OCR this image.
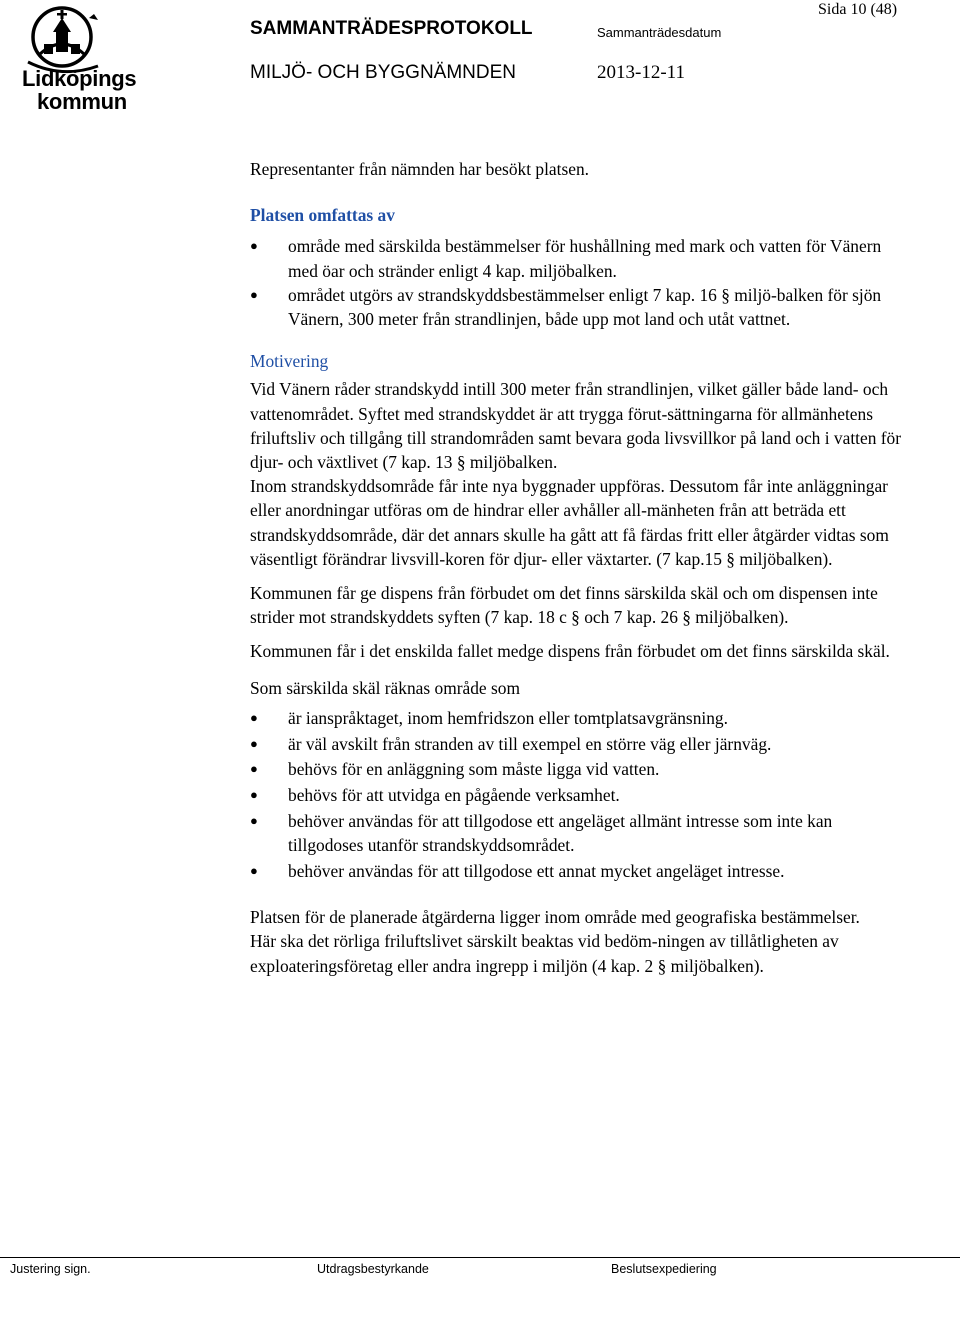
Lidköpings
kommun
SAMMANTRÄDESPROTOKOLL	Sammanträdesdatum
MILJÖ- OCH BYGGNÄMNDEN	2013-12-11
Sida 10 (48)

Representanter från nämnden har besökt platsen.

Platsen omfattas av

● område med särskilda bestämmelser för hushållning med mark och vatten för Vänern med öar och stränder enligt 4 kap. miljöbalken.
● området utgörs av strandskyddsbestämmelser enligt 7 kap. 16 § miljö-balken för sjön Vänern, 300 meter från strandlinjen, både upp mot land och utåt vattnet.

Motivering

Vid Vänern råder strandskydd intill 300 meter från strandlinjen, vilket gäller både land- och vattenområdet. Syftet med strandskyddet är att trygga förut-sättningarna för allmänhetens friluftsliv och tillgång till strandområden samt bevara goda livsvillkor på land och i vatten för djur- och växtlivet (7 kap. 13 § miljöbalken.

Inom strandskyddsområde får inte nya byggnader uppföras. Dessutom får inte anläggningar eller anordningar utföras om de hindrar eller avhåller all-mänheten från att beträda ett strandskyddsområde, där det annars skulle ha gått att få färdas fritt eller åtgärder vidtas som väsentligt förändrar livsvill-koren för djur- eller växtarter. (7 kap.15 § miljöbalken).

Kommunen får ge dispens från förbudet om det finns särskilda skäl och om dispensen inte strider mot strandskyddets syften (7 kap. 18 c § och 7 kap. 26 § miljöbalken).

Kommunen får i det enskilda fallet medge dispens från förbudet om det finns särskilda skäl.

Som särskilda skäl räknas område som

● är ianspråktaget, inom hemfridszon eller tomtplatsavgränsning.
● är väl avskilt från stranden av till exempel en större väg eller järnväg.
● behövs för en anläggning som måste ligga vid vatten.
● behövs för att utvidga en pågående verksamhet.
● behöver användas för att tillgodose ett angeläget allmänt intresse som inte kan tillgodoses utanför strandskyddsområdet.
● behöver användas för att tillgodose ett annat mycket angeläget intresse.

Platsen för de planerade åtgärderna ligger inom område med geografiska bestämmelser. Här ska det rörliga friluftslivet särskilt beaktas vid bedöm-ningen av tillåtligheten av exploateringsföretag eller andra ingrepp i miljön (4 kap. 2 § miljöbalken).

Justering sign.	Utdragsbestyrkande	Beslutsexpediering
